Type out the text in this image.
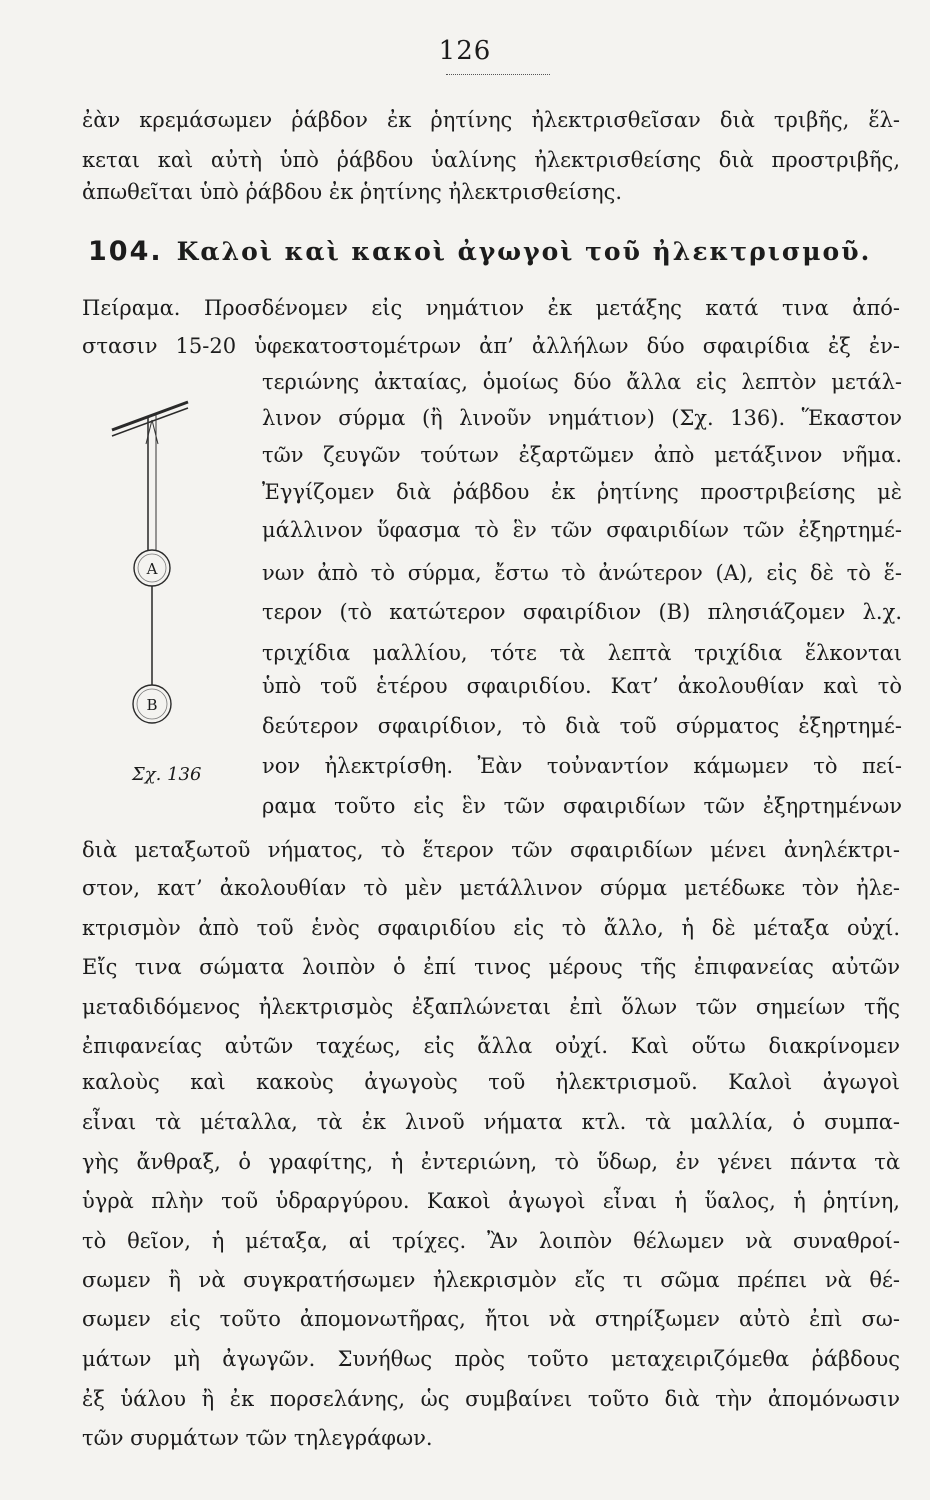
126
ἐὰν κρεμάσωμεν ῥάβδον ἐκ ῥητίνης ἠλεκτρισθεῖσαν διὰ τριβῆς, ἕλ-
κεται καὶ αὐτὴ ὑπὸ ῥάβδου ὑαλίνης ἠλεκτρισθείσης διὰ προστριβῆς,
ἀπωθεῖται ὑπὸ ῥάβδου ἐκ ῥητίνης ἠλεκτρισθείσης.
104. Καλοὶ καὶ κακοὶ ἀγωγοὶ τοῦ ἠλεκτρισμοῦ.
Πείραμα. Προσδένομεν εἰς νημάτιον ἐκ μετάξης κατά τινα ἀπό-
στασιν 15-20 ὑφεκατοστομέτρων ἀπ’ ἀλλήλων δύο σφαιρίδια ἐξ ἐν-
τεριώνης ἀκταίας, ὁμοίως δύο ἄλλα εἰς λεπτὸν μετάλ-
λινον σύρμα (ἢ λινοῦν νημάτιον) (Σχ. 136). Ἕκαστον
τῶν ζευγῶν τούτων ἐξαρτῶμεν ἀπὸ μετάξινον νῆμα.
Ἐγγίζομεν διὰ ῥάβδου ἐκ ῥητίνης προστριβείσης μὲ
μάλλινον ὕφασμα τὸ ἓν τῶν σφαιριδίων τῶν ἐξηρτημέ-
νων ἀπὸ τὸ σύρμα, ἔστω τὸ ἀνώτερον (A), εἰς δὲ τὸ ἕ-
τερον (τὸ κατώτερον σφαιρίδιον (B) πλησιάζομεν λ.χ.
τριχίδια μαλλίου, τότε τὰ λεπτὰ τριχίδια ἕλκονται
ὑπὸ τοῦ ἑτέρου σφαιριδίου. Κατ’ ἀκολουθίαν καὶ τὸ
δεύτερον σφαιρίδιον, τὸ διὰ τοῦ σύρματος ἐξηρτημέ-
νον ἠλεκτρίσθη. Ἐὰν τοὐναντίον κάμωμεν τὸ πεί-
ραμα τοῦτο εἰς ἓν τῶν σφαιριδίων τῶν ἐξηρτημένων
A
B
Σχ. 136
διὰ μεταξωτοῦ νήματος, τὸ ἕτερον τῶν σφαιριδίων μένει ἀνηλέκτρι-
στον, κατ’ ἀκολουθίαν τὸ μὲν μετάλλινον σύρμα μετέδωκε τὸν ἠλε-
κτρισμὸν ἀπὸ τοῦ ἑνὸς σφαιριδίου εἰς τὸ ἄλλο, ἡ δὲ μέταξα οὐχί.
Εἴς τινα σώματα λοιπὸν ὁ ἐπί τινος μέρους τῆς ἐπιφανείας αὐτῶν
μεταδιδόμενος ἠλεκτρισμὸς ἐξαπλώνεται ἐπὶ ὅλων τῶν σημείων τῆς
ἐπιφανείας αὐτῶν ταχέως, εἰς ἄλλα οὐχί. Καὶ οὕτω διακρίνομεν
καλοὺς καὶ κακοὺς ἀγωγοὺς τοῦ ἠλεκτρισμοῦ. Καλοὶ ἀγωγοὶ
εἶναι τὰ μέταλλα, τὰ ἐκ λινοῦ νήματα κτλ. τὰ μαλλία, ὁ συμπα-
γὴς ἄνθραξ, ὁ γραφίτης, ἡ ἐντεριώνη, τὸ ὕδωρ, ἐν γένει πάντα τὰ
ὑγρὰ πλὴν τοῦ ὑδραργύρου. Κακοὶ ἀγωγοὶ εἶναι ἡ ὕαλος, ἡ ῥητίνη,
τὸ θεῖον, ἡ μέταξα, αἱ τρίχες. Ἂν λοιπὸν θέλωμεν νὰ συναθροί-
σωμεν ἢ νὰ συγκρατήσωμεν ἠλεκρισμὸν εἴς τι σῶμα πρέπει νὰ θέ-
σωμεν εἰς τοῦτο ἀπομονωτῆρας, ἤτοι νὰ στηρίξωμεν αὐτὸ ἐπὶ σω-
μάτων μὴ ἀγωγῶν. Συνήθως πρὸς τοῦτο μεταχειριζόμεθα ῥάβδους
ἐξ ὑάλου ἢ ἐκ πορσελάνης, ὡς συμβαίνει τοῦτο διὰ τὴν ἀπομόνωσιν
τῶν συρμάτων τῶν τηλεγράφων.
